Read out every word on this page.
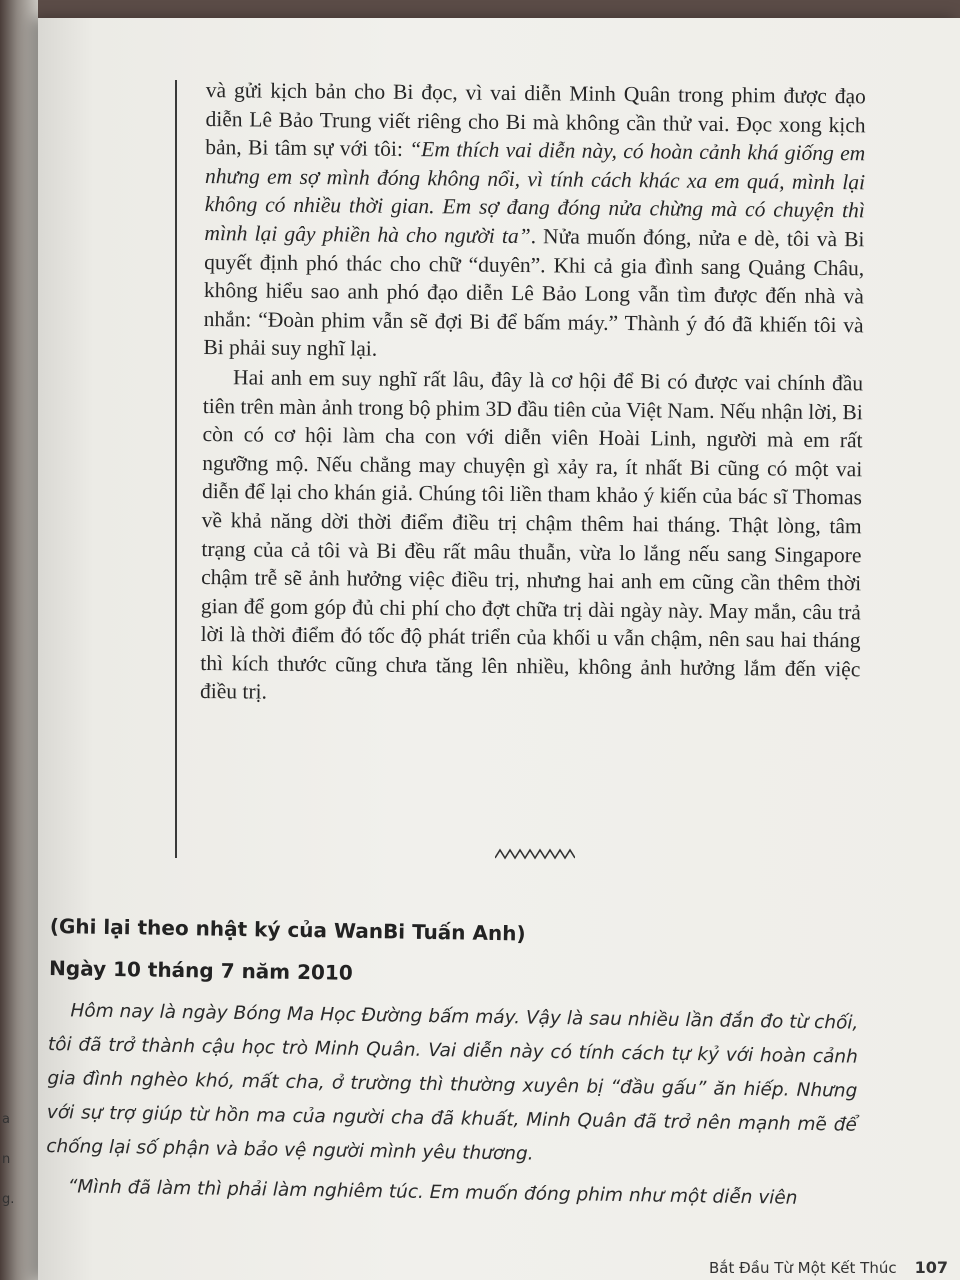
a
n
g.

và gửi kịch bản cho Bi đọc, vì vai diễn Minh Quân trong phim được đạo diễn Lê Bảo Trung viết riêng cho Bi mà không cần thử vai. Đọc xong kịch bản, Bi tâm sự với tôi: “Em thích vai diễn này, có hoàn cảnh khá giống em nhưng em sợ mình đóng không nổi, vì tính cách khác xa em quá, mình lại không có nhiều thời gian. Em sợ đang đóng nửa chừng mà có chuyện thì mình lại gây phiền hà cho người ta”. Nửa muốn đóng, nửa e dè, tôi và Bi quyết định phó thác cho chữ “duyên”. Khi cả gia đình sang Quảng Châu, không hiểu sao anh phó đạo diễn Lê Bảo Long vẫn tìm được đến nhà và nhắn: “Đoàn phim vẫn sẽ đợi Bi để bấm máy.” Thành ý đó đã khiến tôi và Bi phải suy nghĩ lại.

Hai anh em suy nghĩ rất lâu, đây là cơ hội để Bi có được vai chính đầu tiên trên màn ảnh trong bộ phim 3D đầu tiên của Việt Nam. Nếu nhận lời, Bi còn có cơ hội làm cha con với diễn viên Hoài Linh, người mà em rất ngưỡng mộ. Nếu chẳng may chuyện gì xảy ra, ít nhất Bi cũng có một vai diễn để lại cho khán giả. Chúng tôi liền tham khảo ý kiến của bác sĩ Thomas về khả năng dời thời điểm điều trị chậm thêm hai tháng. Thật lòng, tâm trạng của cả tôi và Bi đều rất mâu thuẫn, vừa lo lắng nếu sang Singapore chậm trễ sẽ ảnh hưởng việc điều trị, nhưng hai anh em cũng cần thêm thời gian để gom góp đủ chi phí cho đợt chữa trị dài ngày này. May mắn, câu trả lời là thời điểm đó tốc độ phát triển của khối u vẫn chậm, nên sau hai tháng thì kích thước cũng chưa tăng lên nhiều, không ảnh hưởng lắm đến việc điều trị.

(Ghi lại theo nhật ký của WanBi Tuấn Anh)
Ngày 10 tháng 7 năm 2010

Hôm nay là ngày Bóng Ma Học Đường bấm máy. Vậy là sau nhiều lần đắn đo từ chối, tôi đã trở thành cậu học trò Minh Quân. Vai diễn này có tính cách tự kỷ với hoàn cảnh gia đình nghèo khó, mất cha, ở trường thì thường xuyên bị “đầu gấu” ăn hiếp. Nhưng với sự trợ giúp từ hồn ma của người cha đã khuất, Minh Quân đã trở nên mạnh mẽ để chống lại số phận và bảo vệ người mình yêu thương.

“Mình đã làm thì phải làm nghiêm túc. Em muốn đóng phim như một diễn viên

Bắt Đầu Từ Một Kết Thúc 107
